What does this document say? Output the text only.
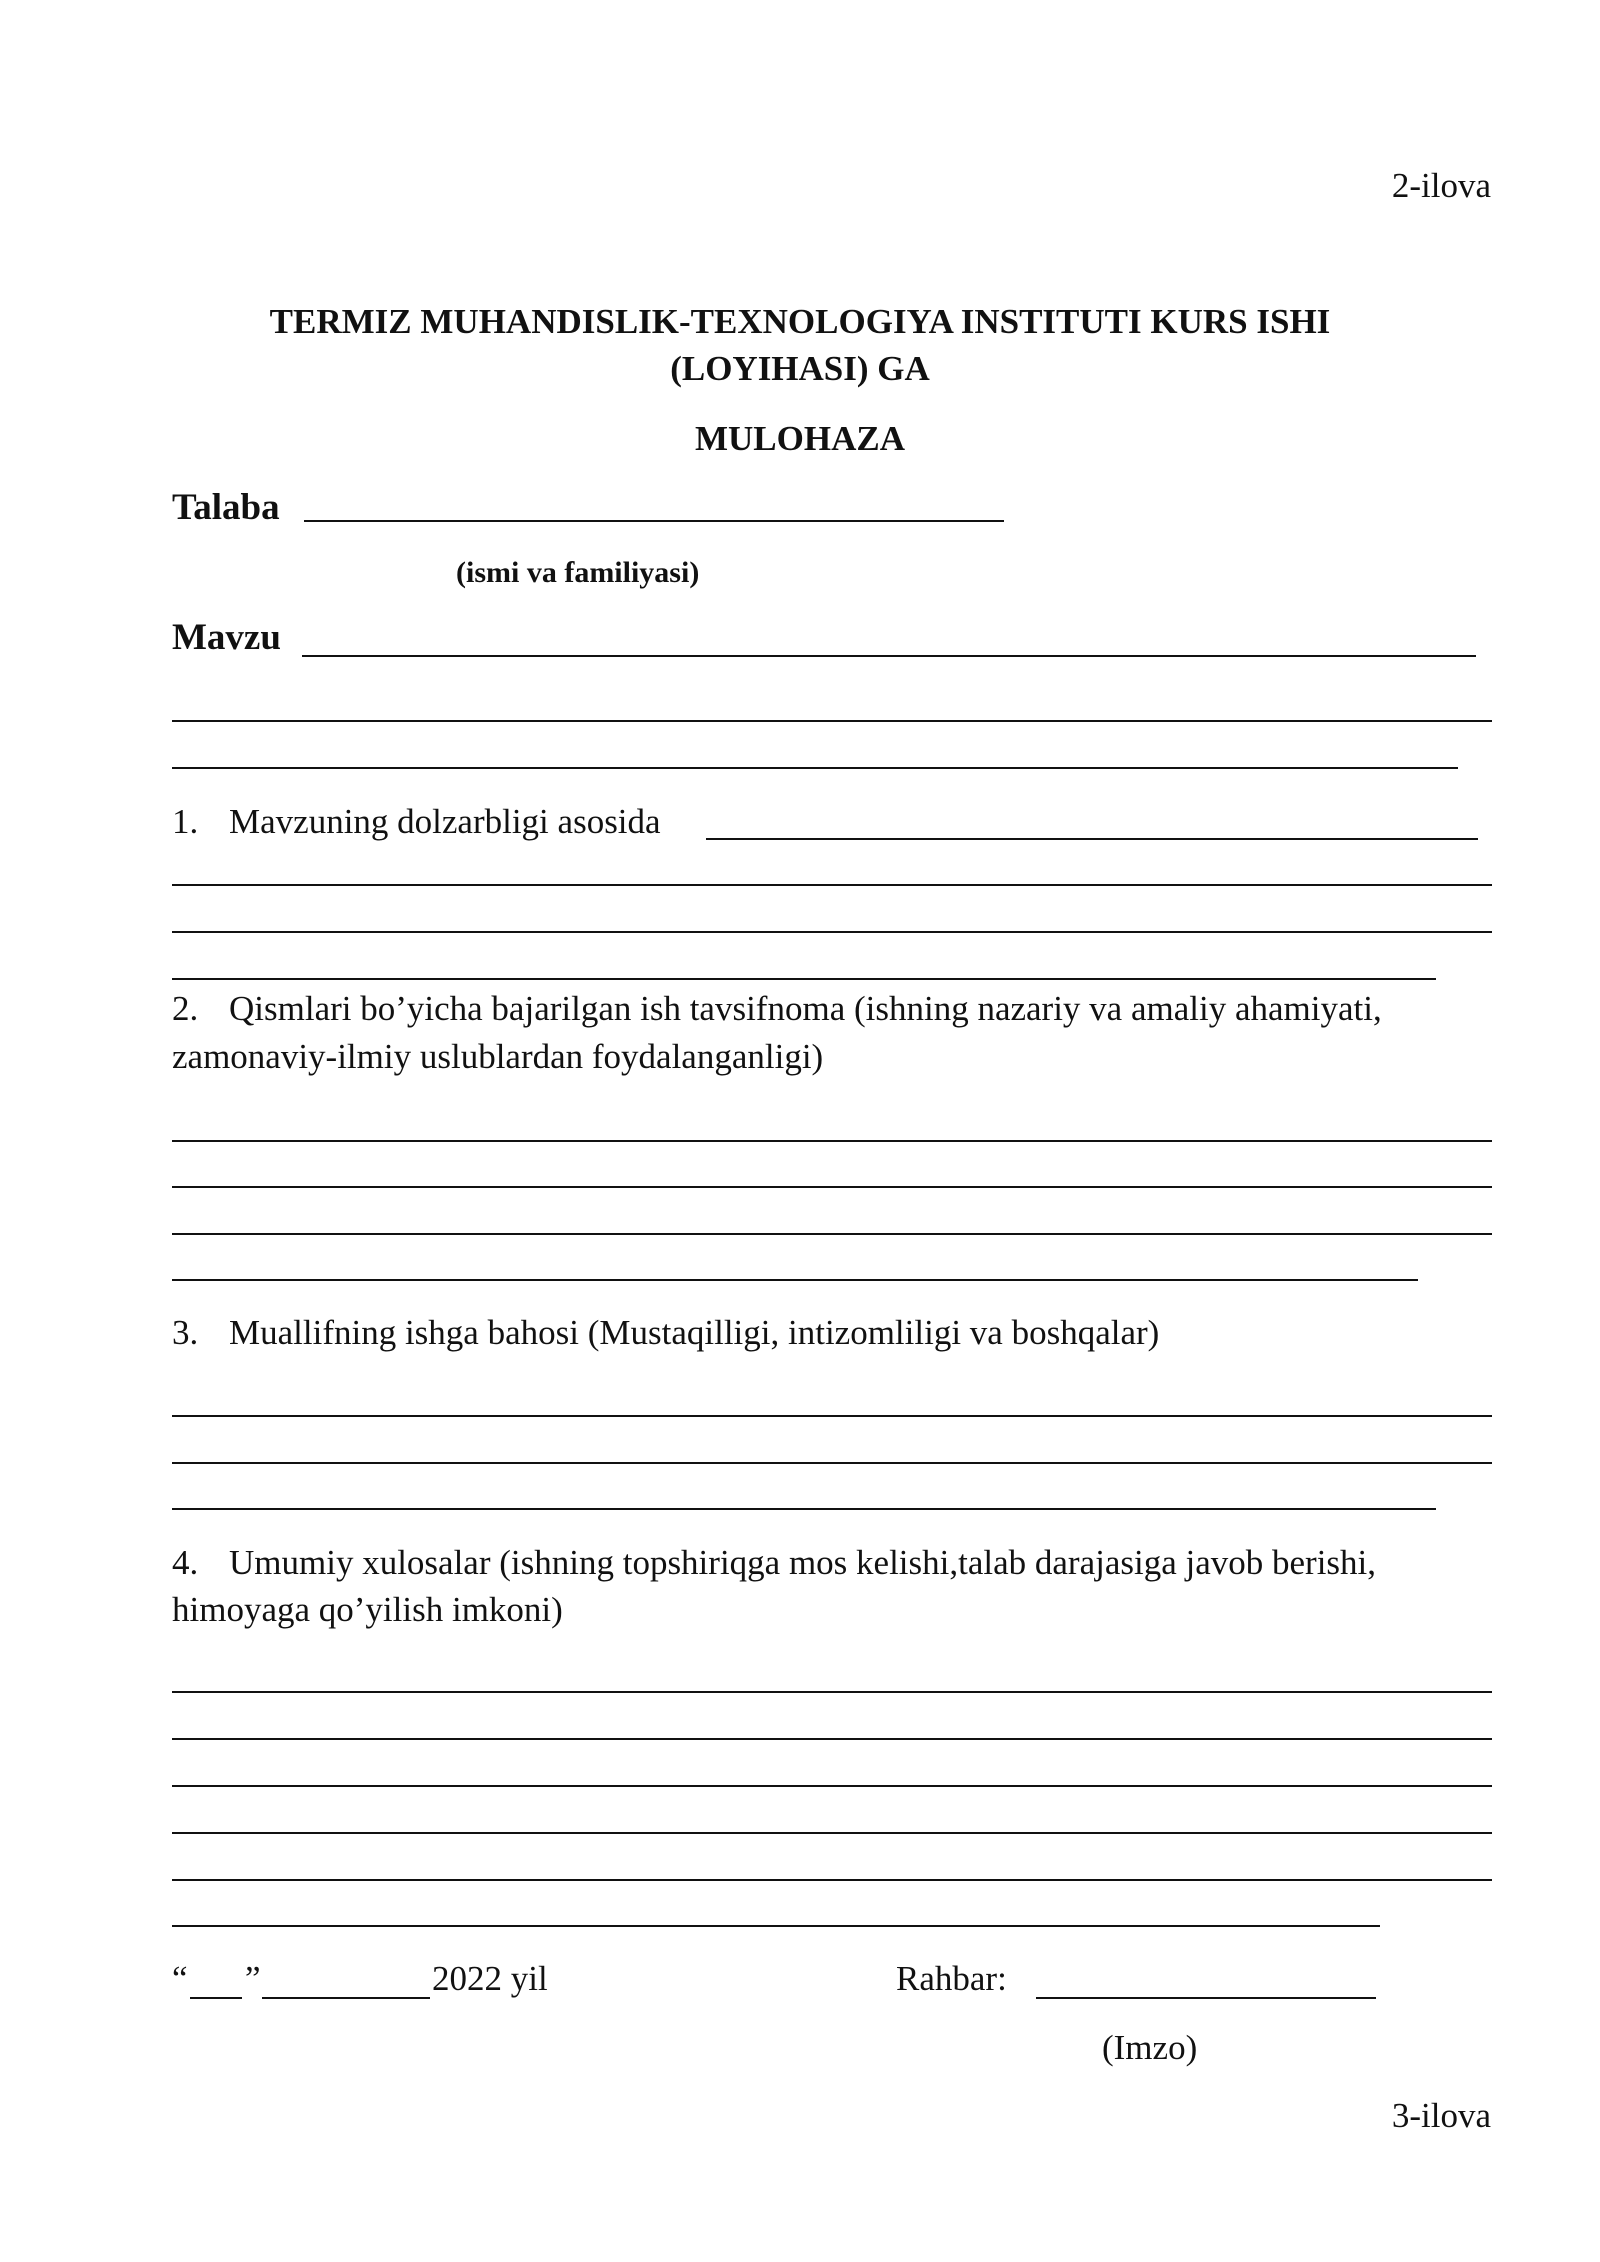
2-ilova
TERMIZ MUHANDISLIK-TEXNOLOGIYA INSTITUTI KURS ISHI
(LOYIHASI) GA
MULOHAZA
Talaba
(ismi va familiyasi)
Mavzu
1. Mavzuning dolzarbligi asosida
2. Qismlari bo’yicha bajarilgan ish tavsifnoma (ishning nazariy va amaliy ahamiyati,
zamonaviy-ilmiy uslublardan foydalanganligi)
3. Muallifning ishga bahosi (Mustaqilligi, intizomliligi va boshqalar)
4. Umumiy xulosalar (ishning topshiriqga mos kelishi,talab darajasiga javob berishi,
himoyaga qo’yilish imkoni)
“ ”	2022 yil	Rahbar:
(Imzo)
3-ilova
